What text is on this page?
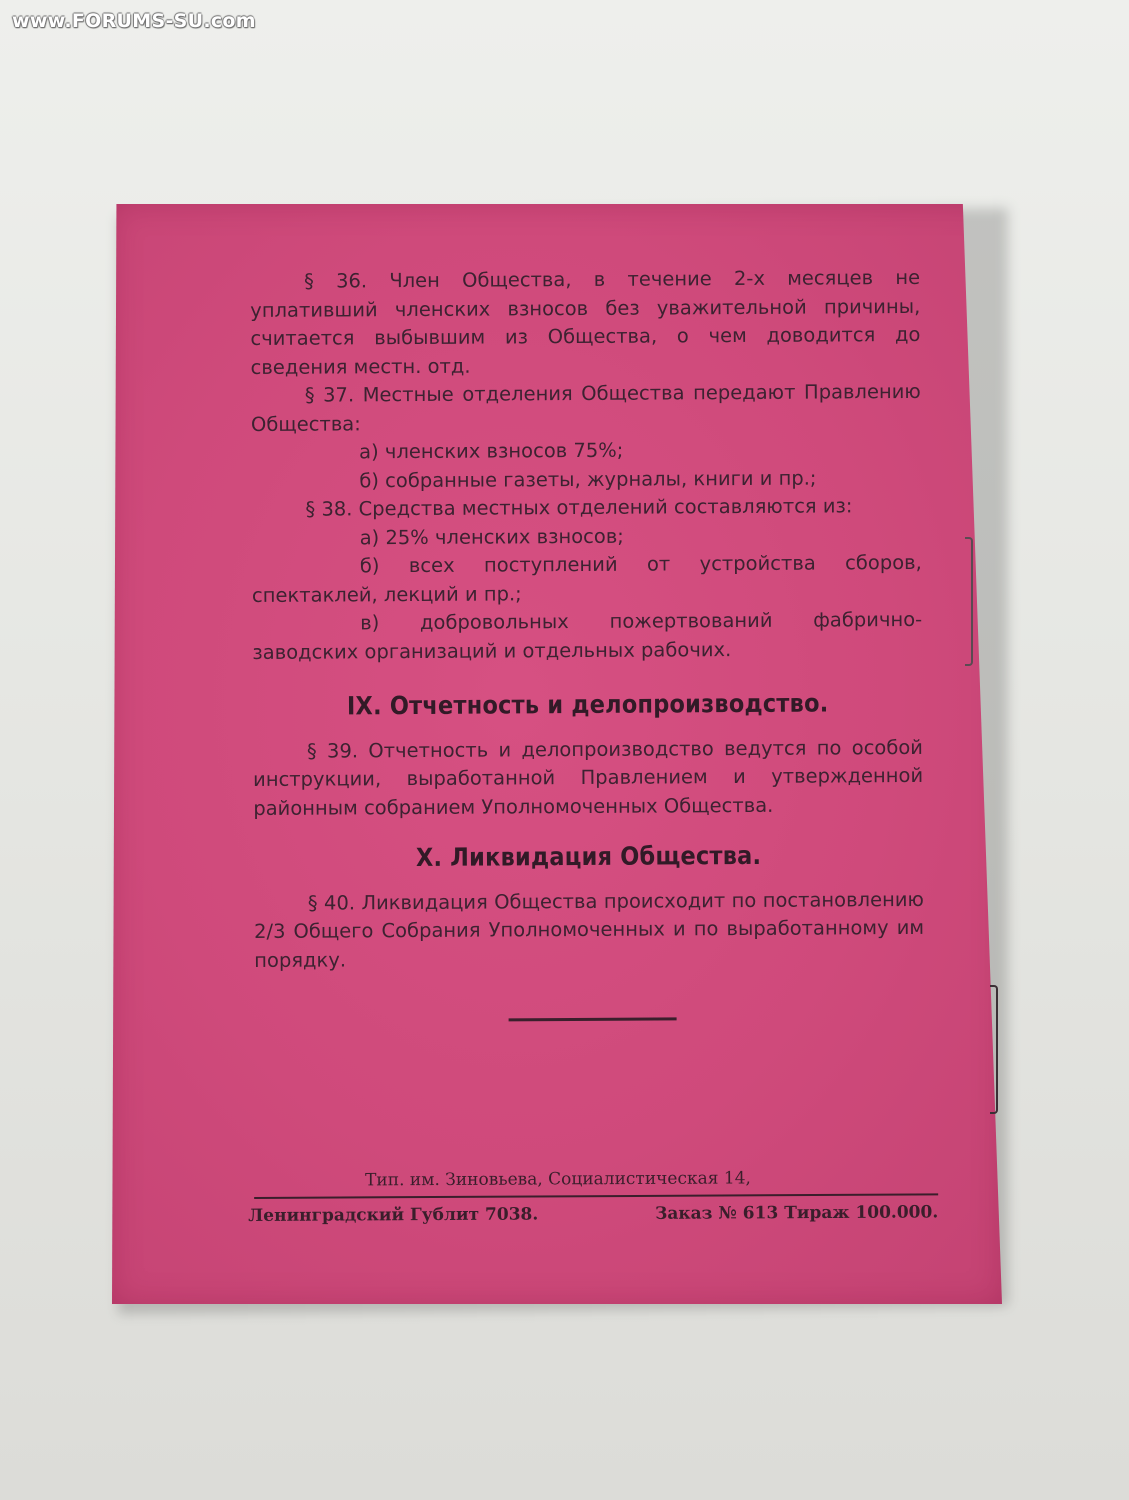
www.FORUMS-SU.com

§ 36. Член Общества, в течение 2-х месяцев не уплативший членских взносов без уважительной причины, считается выбывшим из Общества, о чем доводится до сведения местн. отд.

§ 37. Местные отделения Общества передают Правлению Общества:

а) членских взносов 75%;

б) собранные газеты, журналы, книги и пр.;

§ 38. Средства местных отделений составляются из:

а) 25% членских взносов;

б) всех поступлений от устройства сборов, спектаклей, лекций и пр.;

в) добровольных пожертвований фабрично-заводских организаций и отдельных рабочих.

IX. Отчетность и делопроизводство.

§ 39. Отчетность и делопроизводство ведутся по особой инструкции, выработанной Правлением и утвержденной районным собранием Уполномоченных Общества.

X. Ликвидация Общества.

§ 40. Ликвидация Общества происходит по постановлению 2/3 Общего Собрания Уполномоченных и по выработанному им порядку.

Тип. им. Зиновьева, Социалистическая 14,
Ленинградский Гублит 7038.	Заказ № 613 Тираж 100.000.
